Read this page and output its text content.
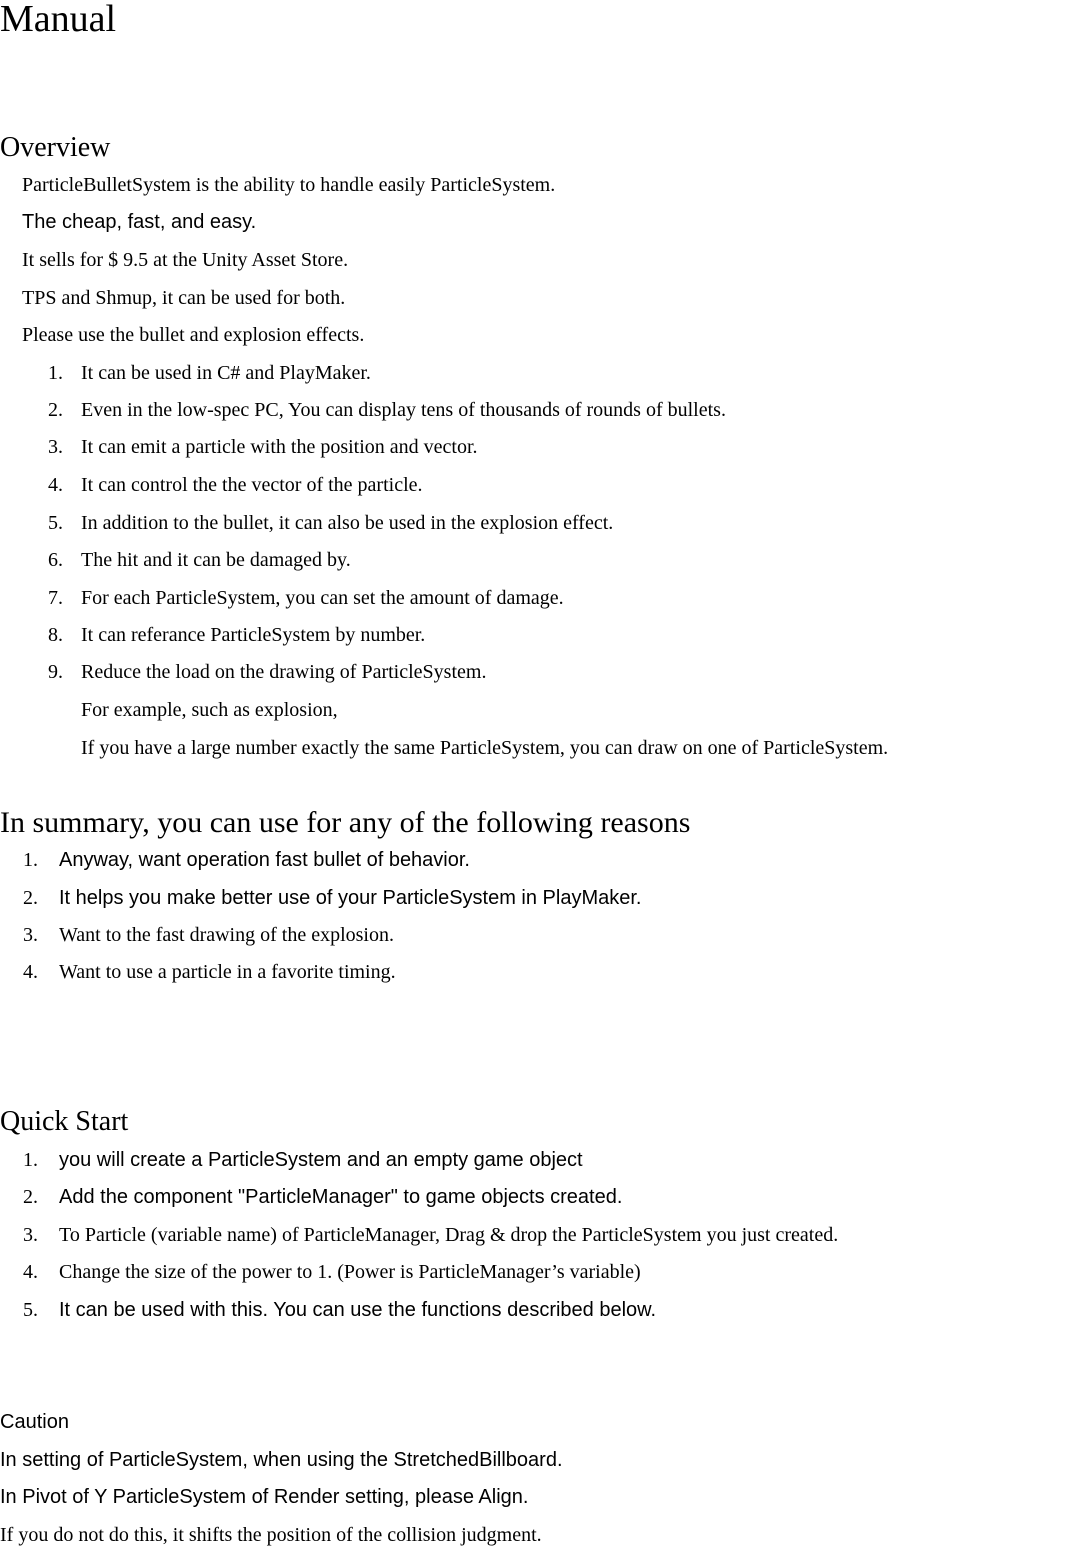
Manual
Overview
ParticleBulletSystem is the ability to handle easily ParticleSystem.
The cheap, fast, and easy.
It sells for $ 9.5 at the Unity Asset Store.
TPS and Shmup, it can be used for both.
Please use the bullet and explosion effects.
1. It can be used in C# and PlayMaker.
2. Even in the low-spec PC, You can display tens of thousands of rounds of bullets.
3. It can emit a particle with the position and vector.
4. It can control the the vector of the particle.
5. In addition to the bullet, it can also be used in the explosion effect.
6. The hit and it can be damaged by.
7. For each ParticleSystem, you can set the amount of damage.
8. It can referance ParticleSystem by number.
9. Reduce the load on the drawing of ParticleSystem.
For example, such as explosion,
If you have a large number exactly the same ParticleSystem, you can draw on one of ParticleSystem.
In summary, you can use for any of the following reasons
1. Anyway, want operation fast bullet of behavior.
2. It helps you make better use of your ParticleSystem in PlayMaker.
3. Want to the fast drawing of the explosion.
4. Want to use a particle in a favorite timing.
Quick Start
1. you will create a ParticleSystem and an empty game object
2. Add the component "ParticleManager" to game objects created.
3. To Particle (variable name) of ParticleManager, Drag & drop the ParticleSystem you just created.
4. Change the size of the power to 1. (Power is ParticleManager’s variable)
5. It can be used with this. You can use the functions described below.
Caution
In setting of ParticleSystem, when using the StretchedBillboard.
In Pivot of Y ParticleSystem of Render setting, please Align.
If you do not do this, it shifts the position of the collision judgment.
